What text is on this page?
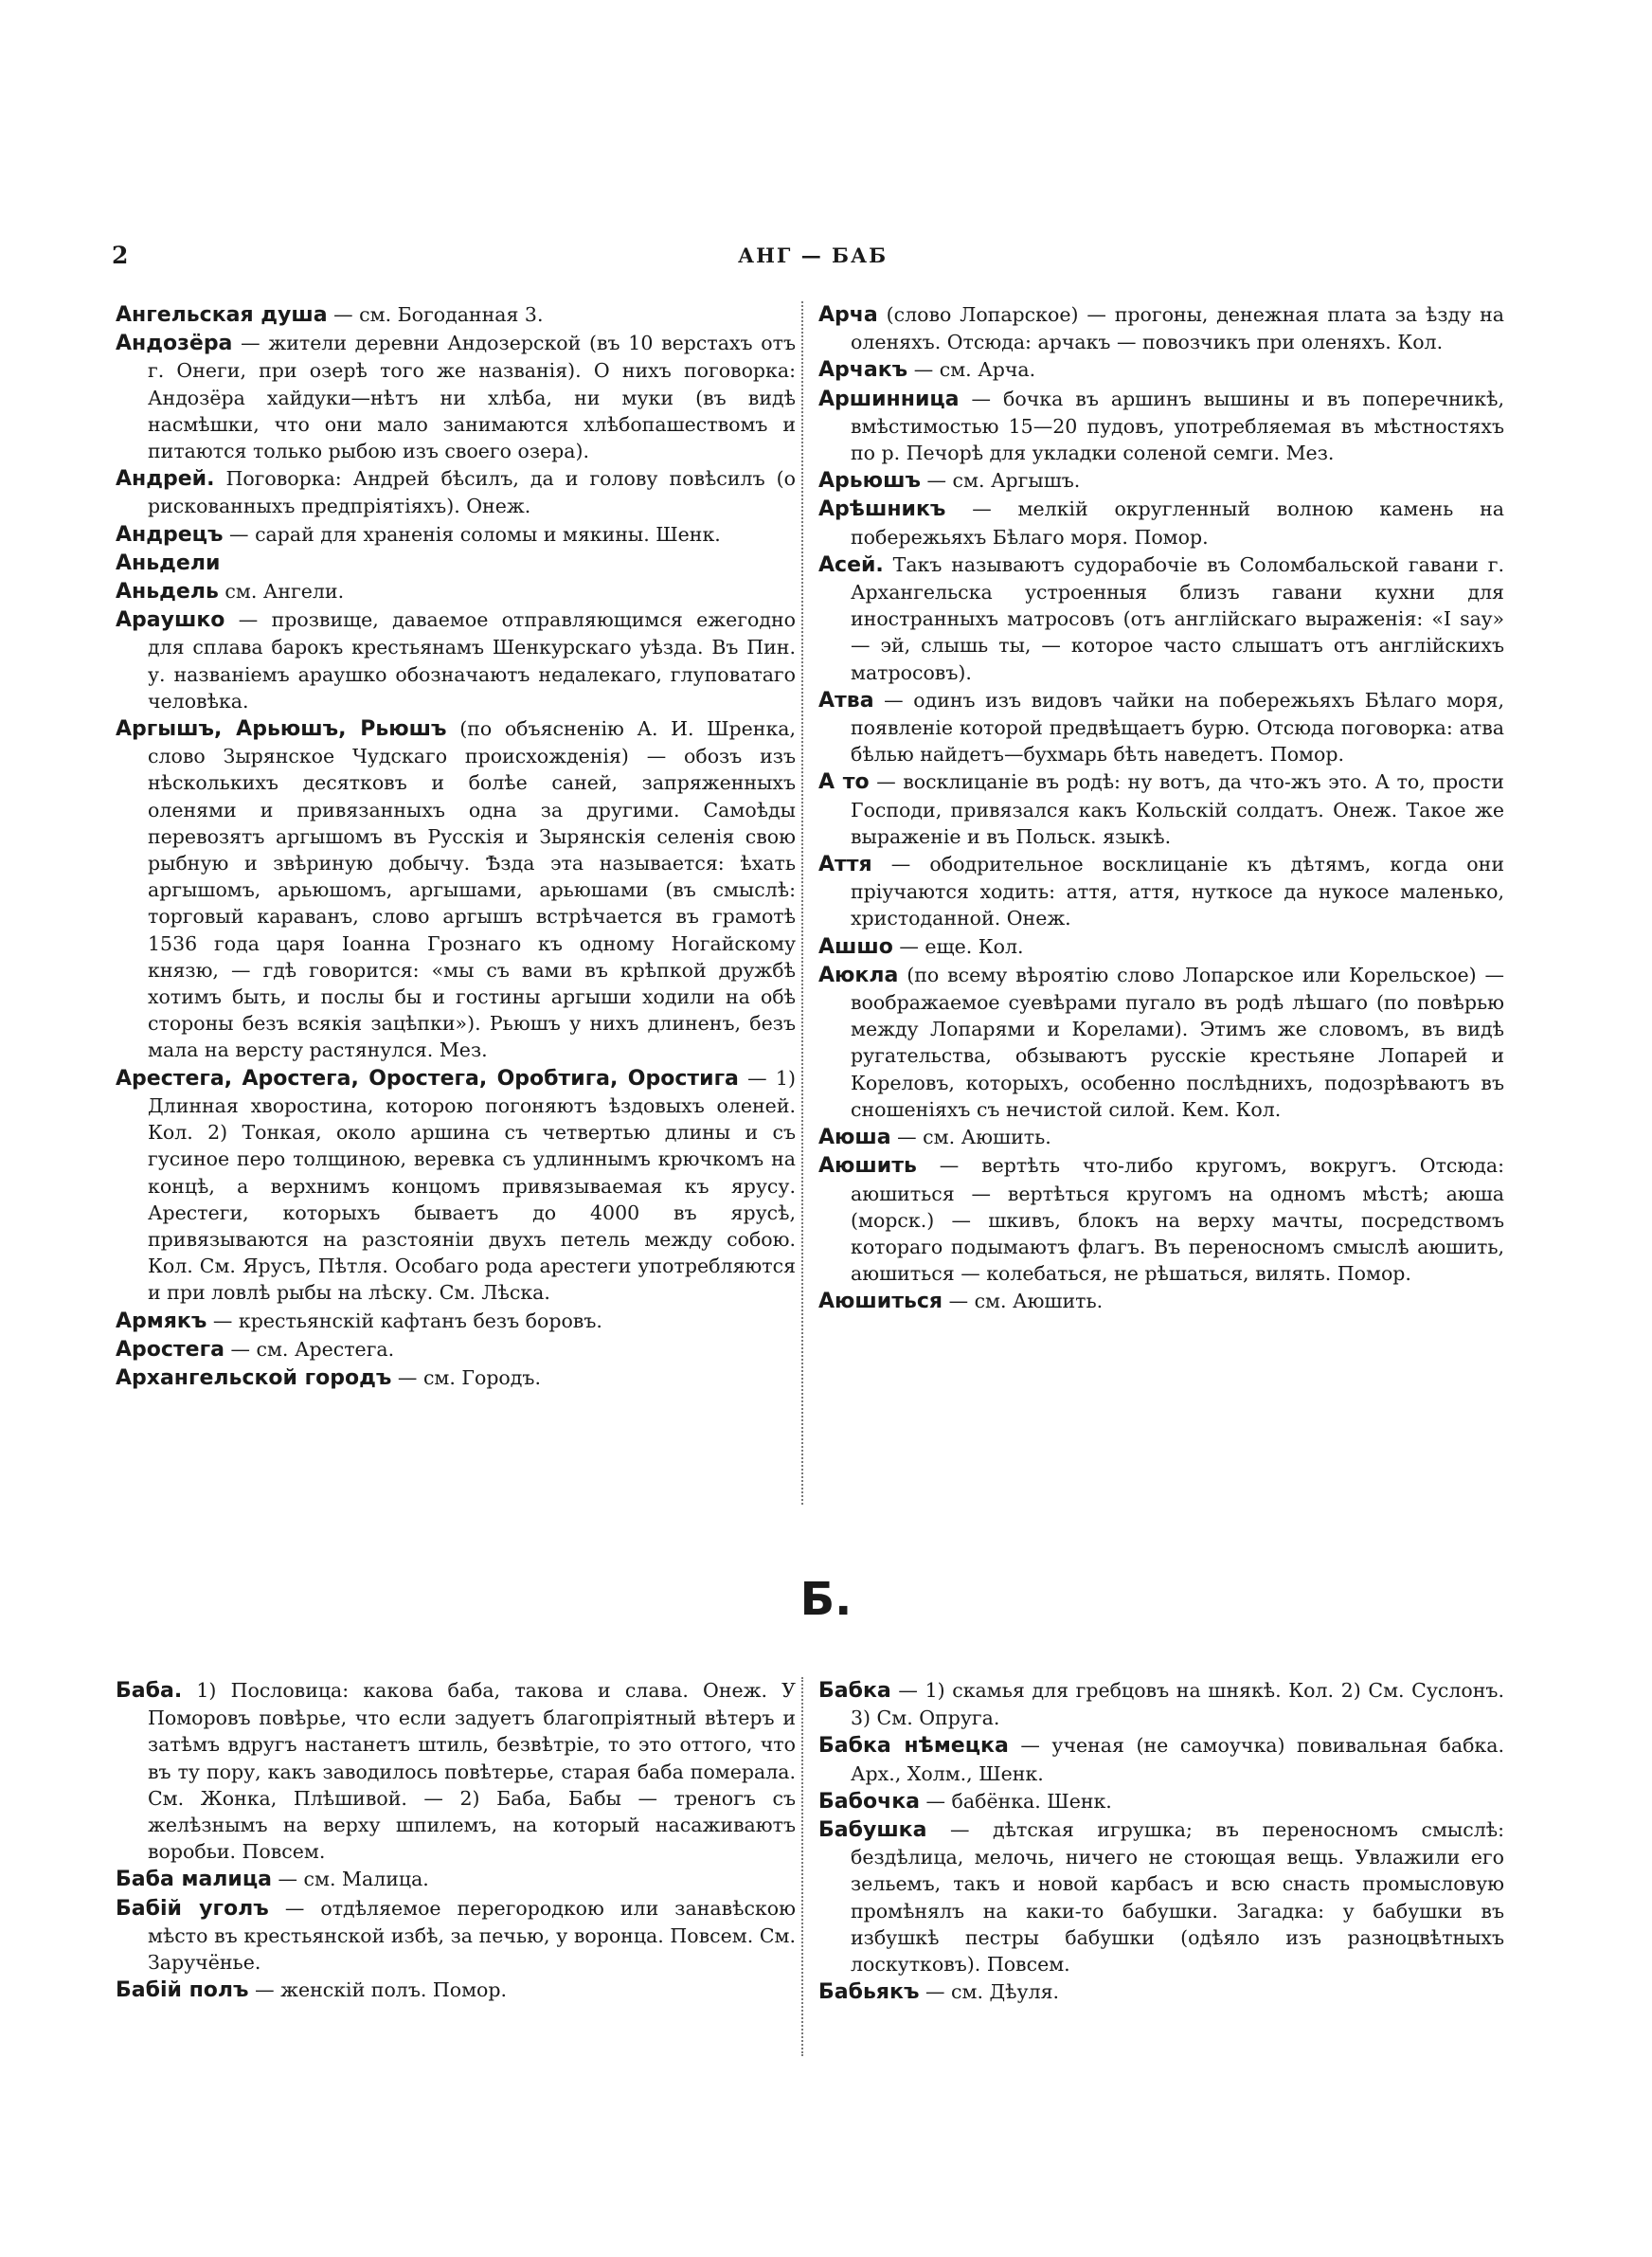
2	АНГ — БАБ

Ангельская душа — см. Богоданная 3.

Андозёра — жители деревни Андозерской (въ 10 верстахъ отъ г. Онеги, при озерѣ того же названія). О нихъ поговорка: Андозёра хайдуки—нѣтъ ни хлѣба, ни муки (въ видѣ насмѣшки, что они мало занимаются хлѣбопашествомъ и питаются только рыбою изъ своего озера).

Андрей. Поговорка: Андрей бѣсилъ, да и голову повѣсилъ (о рискованныхъ предпріятіяхъ). Онеж.

Андрецъ — сарай для храненія соломы и мякины. Шенк.

Аньдели

Аньдель см. Ангели.

Араушко — прозвище, даваемое отправляющимся ежегодно для сплава барокъ крестьянамъ Шенкурскаго уѣзда. Въ Пин. у. названіемъ араушко обозначаютъ недалекаго, глуповатаго человѣка.

Аргышъ, Арьюшъ, Рьюшъ (по объясненію А. И. Шренка, слово Зырянское Чудскаго происхожденія) — обозъ изъ нѣсколькихъ десятковъ и болѣе саней, запряженныхъ оленями и привязанныхъ одна за другими. Самоѣды перевозятъ аргышомъ въ Русскія и Зырянскія селенія свою рыбную и звѣриную добычу. Ѣзда эта называется: ѣхать аргышомъ, арьюшомъ, аргышами, арьюшами (въ смыслѣ: торговый караванъ, слово аргышъ встрѣчается въ грамотѣ 1536 года царя Іоанна Грознаго къ одному Ногайскому князю, — гдѣ говорится: «мы съ вами въ крѣпкой дружбѣ хотимъ быть, и послы бы и гостины аргыши ходили на обѣ стороны безъ всякія зацѣпки»). Рьюшъ у нихъ длиненъ, безъ мала на версту растянулся. Мез.

Арестега, Аростега, Оростега, Оробтига, Оростига — 1) Длинная хворостина, которою погоняютъ ѣздовыхъ оленей. Кол. 2) Тонкая, около аршина съ четвертью длины и съ гусиное перо толщиною, веревка съ удлиннымъ крючкомъ на концѣ, а верхнимъ концомъ привязываемая къ ярусу. Арестеги, которыхъ бываетъ до 4000 въ ярусѣ, привязываются на разстояніи двухъ петель между собою. Кол. См. Ярусъ, Пѣтля. Особаго рода арестеги употребляются и при ловлѣ рыбы на лѣску. См. Лѣска.

Армякъ — крестьянскій кафтанъ безъ боровъ.

Аростега — см. Арестега.

Архангельской городъ — см. Городъ.

Арча (слово Лопарское) — прогоны, денежная плата за ѣзду на оленяхъ. Отсюда: арчакъ — повозчикъ при оленяхъ. Кол.

Арчакъ — см. Арча.

Аршинница — бочка въ аршинъ вышины и въ поперечникѣ, вмѣстимостью 15—20 пудовъ, употребляемая въ мѣстностяхъ по р. Печорѣ для укладки соленой семги. Мез.

Арьюшъ — см. Аргышъ.

Арѣшникъ — мелкій округленный волною камень на побережьяхъ Бѣлаго моря. Помор.

Асей. Такъ называютъ судорабочіе въ Соломбальской гавани г. Архангельска устроенныя близъ гавани кухни для иностранныхъ матросовъ (отъ англійскаго выраженія: «I say» — эй, слышь ты, — которое часто слышатъ отъ англійскихъ матросовъ).

Атва — одинъ изъ видовъ чайки на побережьяхъ Бѣлаго моря, появленіе которой предвѣщаетъ бурю. Отсюда поговорка: атва бѣлью найдетъ—бухмарь бѣть наведетъ. Помор.

А то — восклицаніе въ родѣ: ну вотъ, да что-жъ это. А то, прости Господи, привязался какъ Кольскій солдатъ. Онеж. Такое же выраженіе и въ Польск. языкѣ.

Аття — ободрительное восклицаніе къ дѣтямъ, когда они пріучаются ходить: аття, аття, нуткосе да нукосе маленько, христоданной. Онеж.

Ашшо — еще. Кол.

Аюкла (по всему вѣроятію слово Лопарское или Корельское) — воображаемое суевѣрами пугало въ родѣ лѣшаго (по повѣрью между Лопарями и Корелами). Этимъ же словомъ, въ видѣ ругательства, обзываютъ русскіе крестьяне Лопарей и Кореловъ, которыхъ, особенно послѣднихъ, подозрѣваютъ въ сношеніяхъ съ нечистой силой. Кем. Кол.

Аюша — см. Аюшить.

Аюшить — вертѣть что-либо кругомъ, вокругъ. Отсюда: аюшиться — вертѣться кругомъ на одномъ мѣстѣ; аюша (морск.) — шкивъ, блокъ на верху мачты, посредствомъ котораго подымаютъ флагъ. Въ переносномъ смыслѣ аюшить, аюшиться — колебаться, не рѣшаться, вилять. Помор.

Аюшиться — см. Аюшить.

Б.

Баба. 1) Пословица: какова баба, такова и слава. Онеж. У Поморовъ повѣрье, что если задуетъ благопріятный вѣтеръ и затѣмъ вдругъ настанетъ штиль, безвѣтріе, то это оттого, что въ ту пору, какъ заводилось повѣтерье, старая баба померала. См. Жонка, Плѣшивой. — 2) Баба, Бабы — треногъ съ желѣзнымъ на верху шпилемъ, на который насаживаютъ воробьи. Повсем.

Баба малица — см. Малица.

Бабій уголъ — отдѣляемое перегородкою или занавѣскою мѣсто въ крестьянской избѣ, за печью, у воронца. Повсем. См. Заручёнье.

Бабій полъ — женскій полъ. Помор.

Бабка — 1) скамья для гребцовъ на шнякѣ. Кол. 2) См. Суслонъ. 3) См. Опруга.

Бабка нѣмецка — ученая (не самоучка) повивальная бабка. Арх., Холм., Шенк.

Бабочка — бабёнка. Шенк.

Бабушка — дѣтская игрушка; въ переносномъ смыслѣ: бездѣлица, мелочь, ничего не стоющая вещь. Увлажили его зельемъ, такъ и новой карбасъ и всю снасть промысловую промѣнялъ на каки-то бабушки. Загадка: у бабушки въ избушкѣ пестры бабушки (одѣяло изъ разноцвѣтныхъ лоскутковъ). Повсем.

Бабьякъ — см. Дѣуля.
